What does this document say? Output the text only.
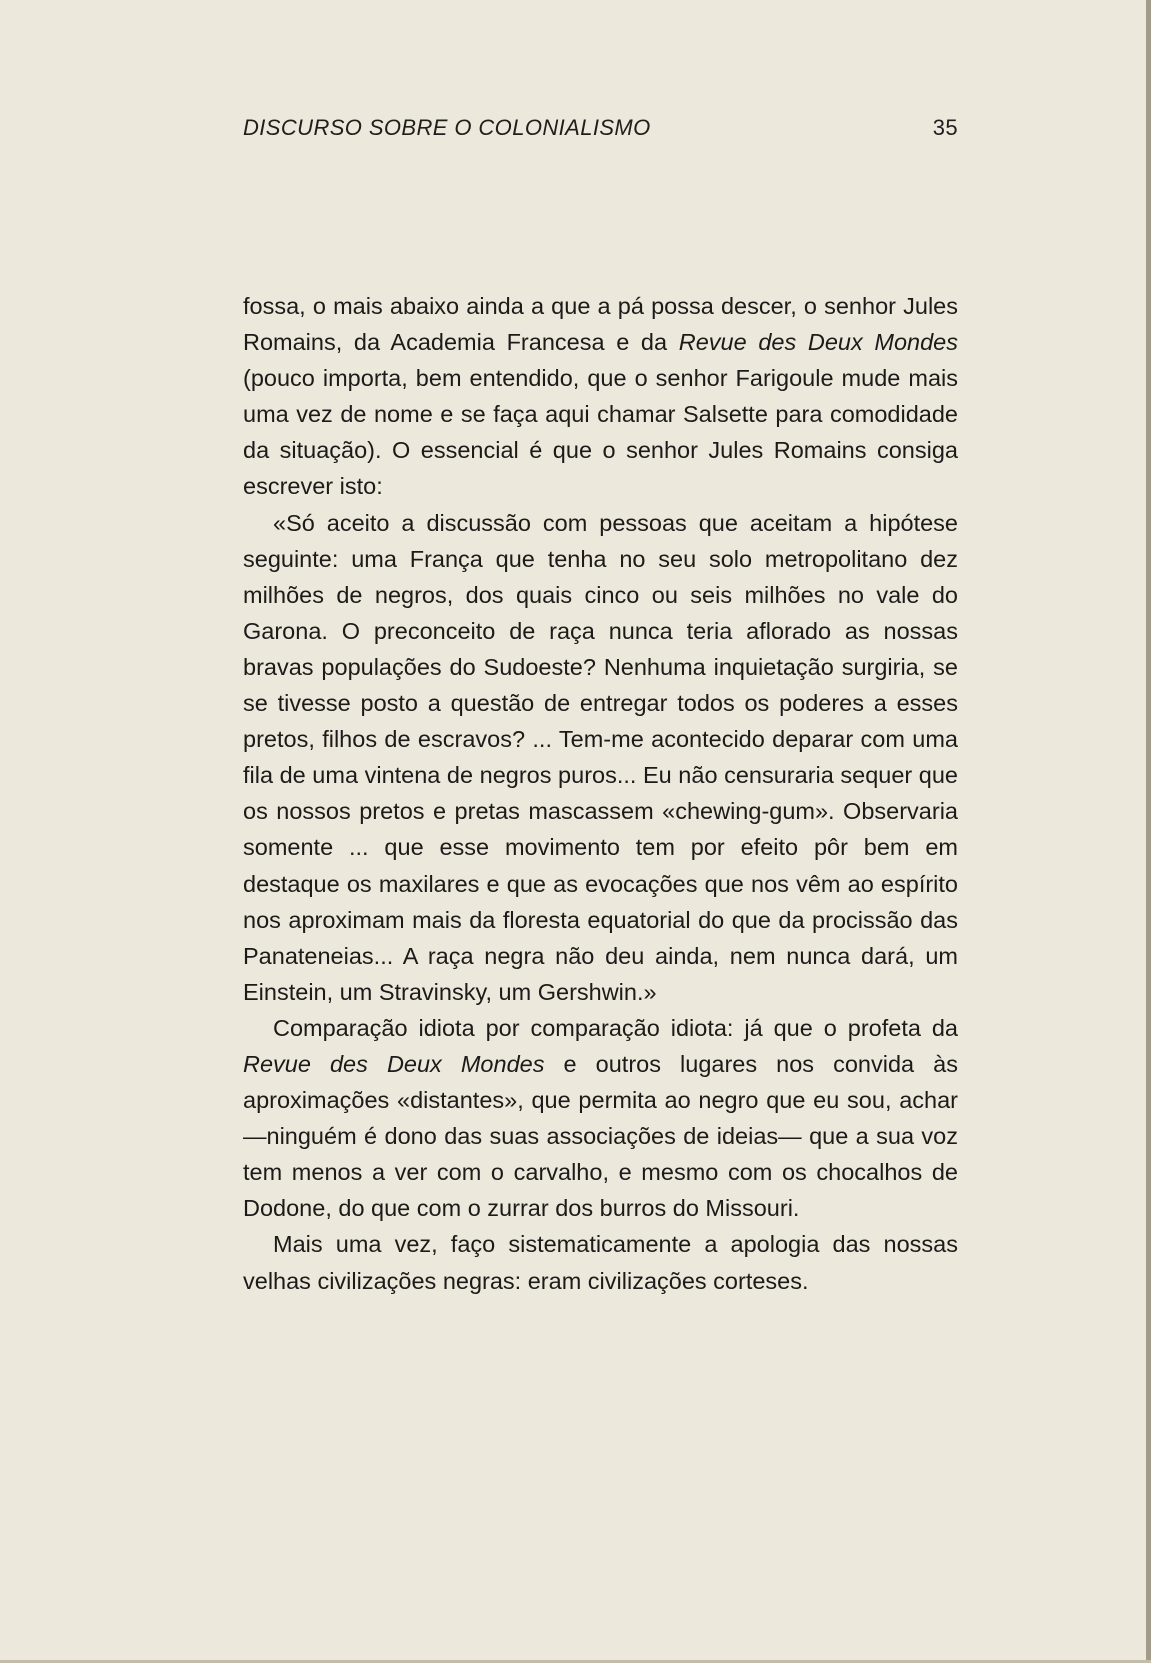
DISCURSO SOBRE O COLONIALISMO	35

fossa, o mais abaixo ainda a que a pá possa descer, o senhor Jules Romains, da Academia Francesa e da Revue des Deux Mondes (pouco importa, bem entendido, que o senhor Farigoule mude mais uma vez de nome e se faça aqui chamar Salsette para comodidade da situação). O essencial é que o senhor Jules Romains consiga escrever isto:

«Só aceito a discussão com pessoas que aceitam a hipótese seguinte: uma França que tenha no seu solo metropolitano dez milhões de negros, dos quais cinco ou seis milhões no vale do Garona. O preconceito de raça nunca teria aflorado as nossas bravas populações do Sudoeste? Nenhuma inquietação surgiria, se se tivesse posto a questão de entregar todos os poderes a esses pretos, filhos de escravos? ... Tem-me acontecido deparar com uma fila de uma vintena de negros puros... Eu não censuraria sequer que os nossos pretos e pretas mascassem «chewing-gum». Observaria somente ... que esse movimento tem por efeito pôr bem em destaque os maxilares e que as evocações que nos vêm ao espírito nos aproximam mais da floresta equatorial do que da procissão das Panateneias... A raça negra não deu ainda, nem nunca dará, um Einstein, um Stravinsky, um Gershwin.»

Comparação idiota por comparação idiota: já que o profeta da Revue des Deux Mondes e outros lugares nos convida às aproximações «distantes», que permita ao negro que eu sou, achar —ninguém é dono das suas associações de ideias— que a sua voz tem menos a ver com o carvalho, e mesmo com os chocalhos de Dodone, do que com o zurrar dos burros do Missouri.

Mais uma vez, faço sistematicamente a apologia das nossas velhas civilizações negras: eram civilizações corteses.
